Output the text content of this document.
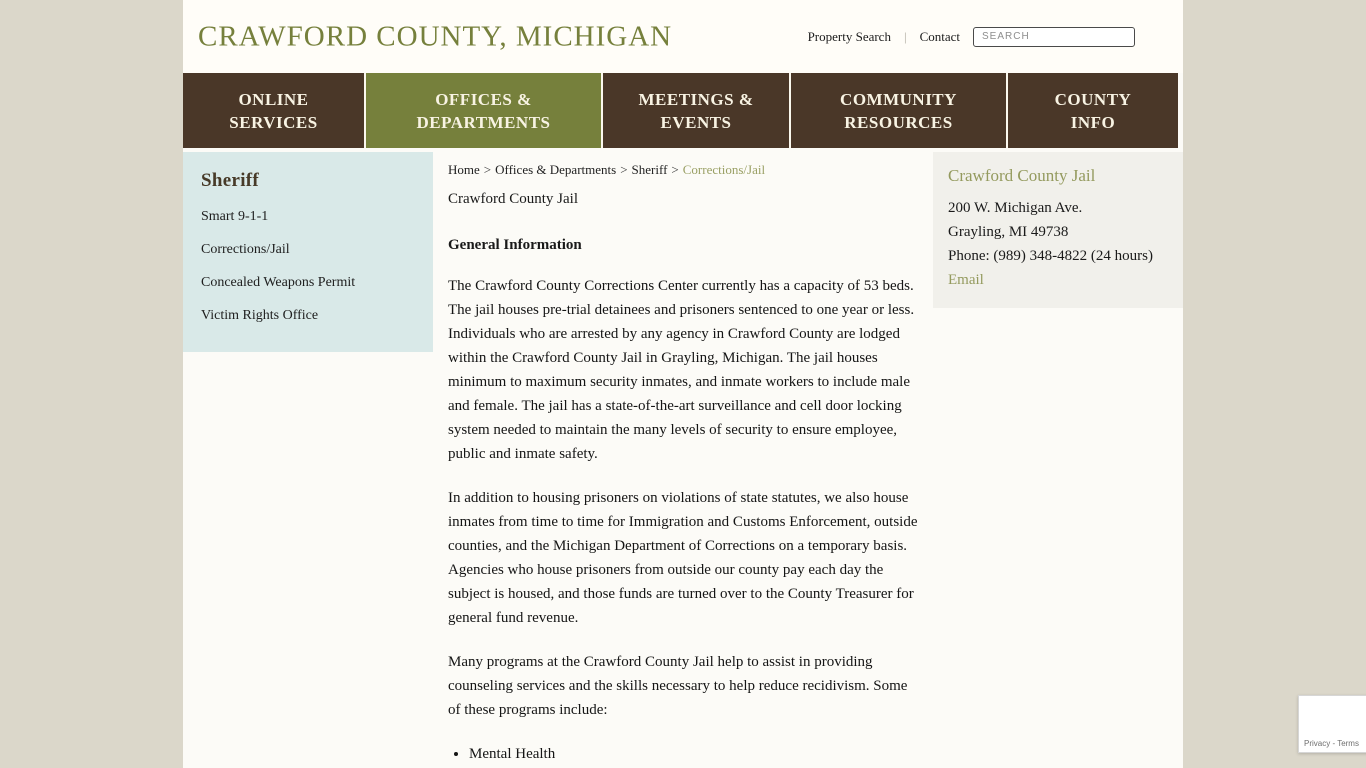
CRAWFORD COUNTY, MICHIGAN	Property Search | Contact
SEARCH
ONLINE
SERVICES
OFFICES &
DEPARTMENTS
MEETINGS &
EVENTS
COMMUNITY
RESOURCES
COUNTY
INFO
Sheriff
Smart 9-1-1
Corrections/Jail
Concealed Weapons Permit
Victim Rights Office
Home > Offices & Departments > Sheriff > Corrections/Jail
Crawford County Jail
General Information

The Crawford County Corrections Center currently has a capacity of 53 beds. The jail houses pre-trial detainees and prisoners sentenced to one year or less. Individuals who are arrested by any agency in Crawford County are lodged within the Crawford County Jail in Grayling, Michigan. The jail houses minimum to maximum security inmates, and inmate workers to include male and female. The jail has a state-of-the-art surveillance and cell door locking system needed to maintain the many levels of security to ensure employee, public and inmate safety.

In addition to housing prisoners on violations of state statutes, we also house inmates from time to time for Immigration and Customs Enforcement, outside counties, and the Michigan Department of Corrections on a temporary basis. Agencies who house prisoners from outside our county pay each day the subject is housed, and those funds are turned over to the County Treasurer for general fund revenue.

Many programs at the Crawford County Jail help to assist in providing counseling services and the skills necessary to help reduce recidivism. Some of these programs include:

• Mental Health
Crawford County Jail
200 W. Michigan Ave.
Grayling, MI 49738
Phone: (989) 348-4822 (24 hours)
Email
Privacy - Terms
